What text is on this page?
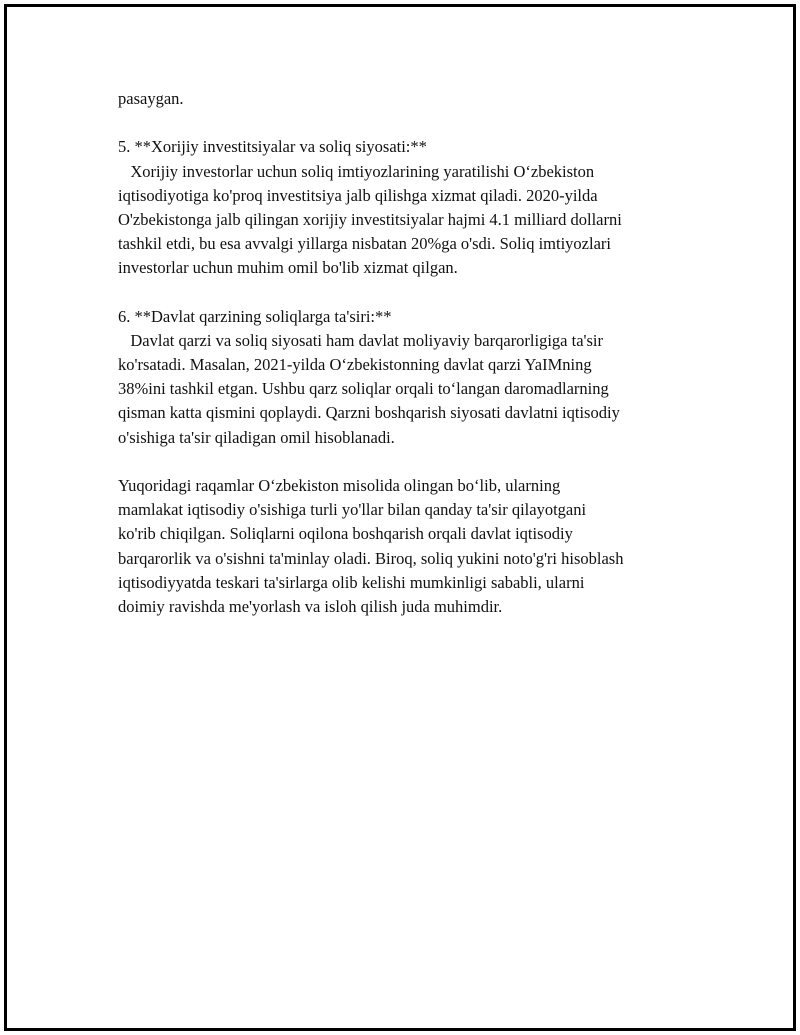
pasaygan.
5. **Xorijiy investitsiyalar va soliq siyosati:**
Xorijiy investorlar uchun soliq imtiyozlarining yaratilishi O‘zbekiston
iqtisodiyotiga ko'proq investitsiya jalb qilishga xizmat qiladi. 2020-yilda
O'zbekistonga jalb qilingan xorijiy investitsiyalar hajmi 4.1 milliard dollarni
tashkil etdi, bu esa avvalgi yillarga nisbatan 20%ga o'sdi. Soliq imtiyozlari
investorlar uchun muhim omil bo'lib xizmat qilgan.
6. **Davlat qarzining soliqlarga ta'siri:**
Davlat qarzi va soliq siyosati ham davlat moliyaviy barqarorligiga ta'sir
ko'rsatadi. Masalan, 2021-yilda O‘zbekistonning davlat qarzi YaIMning
38%ini tashkil etgan. Ushbu qarz soliqlar orqali to‘langan daromadlarning
qisman katta qismini qoplaydi. Qarzni boshqarish siyosati davlatni iqtisodiy
o'sishiga ta'sir qiladigan omil hisoblanadi.
Yuqoridagi raqamlar O‘zbekiston misolida olingan bo‘lib, ularning
mamlakat iqtisodiy o'sishiga turli yo'llar bilan qanday ta'sir qilayotgani
ko'rib chiqilgan. Soliqlarni oqilona boshqarish orqali davlat iqtisodiy
barqarorlik va o'sishni ta'minlay oladi. Biroq, soliq yukini noto'g'ri hisoblash
iqtisodiyyatda teskari ta'sirlarga olib kelishi mumkinligi sababli, ularni
doimiy ravishda me'yorlash va isloh qilish juda muhimdir.
